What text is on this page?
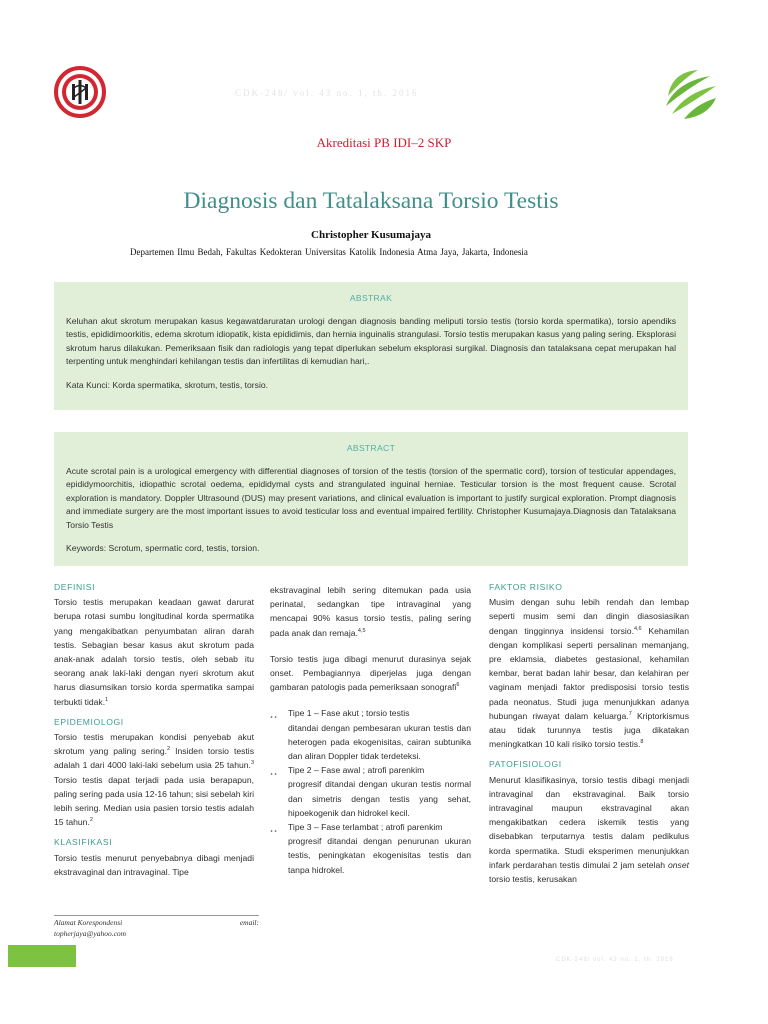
CDK-248/ vol. 43 no. 1, th. 2016
Akreditasi PB IDI–2 SKP
Diagnosis dan Tatalaksana Torsio Testis
Christopher Kusumajaya
Departemen Ilmu Bedah, Fakultas Kedokteran Universitas Katolik Indonesia Atma Jaya, Jakarta, Indonesia
ABSTRAK

Keluhan akut skrotum merupakan kasus kegawatdaruratan urologi dengan diagnosis banding meliputi torsio testis (torsio korda spermatika), torsio apendiks testis, epididimoorkitis, edema skrotum idiopatik, kista epididimis, dan hernia inguinalis strangulasi. Torsio testis merupakan kasus yang paling sering. Eksplorasi skrotum harus dilakukan. Pemeriksaan fisik dan radiologis yang tepat diperlukan sebelum eksplorasi surgikal. Diagnosis dan tatalaksana cepat merupakan hal terpenting untuk menghindari kehilangan testis dan infertilitas di kemudian hari,.

Kata Kunci: Korda spermatika, skrotum, testis, torsio.

ABSTRACT

Acute scrotal pain is a urological emergency with differential diagnoses of torsion of the testis (torsion of the spermatic cord), torsion of testicular appendages, epididymoorchitis, idiopathic scrotal oedema, epididymal cysts and strangulated inguinal herniae. Testicular torsion is the most frequent cause. Scrotal exploration is mandatory. Doppler Ultrasound (DUS) may present variations, and clinical evaluation is important to justify surgical exploration. Prompt diagnosis and immediate surgery are the most important issues to avoid testicular loss and eventual impaired fertility. Christopher Kusumajaya.Diagnosis dan Tatalaksana Torsio Testis

Keywords: Scrotum, spermatic cord, testis, torsion.

DEFINISI

Torsio testis merupakan keadaan gawat darurat berupa rotasi sumbu longitudinal korda spermatika yang mengakibatkan penyumbatan aliran darah testis. Sebagian besar kasus akut skrotum pada anak-anak adalah torsio testis, oleh sebab itu seorang anak laki-laki dengan nyeri skrotum akut harus diasumsikan torsio korda spermatika sampai terbukti tidak.$^1$

EPIDEMIOLOGI

Torsio testis merupakan kondisi penyebab akut skrotum yang paling sering.$^2$ Insiden torsio testis adalah 1 dari 4000 laki-laki sebelum usia 25 tahun.$^3$ Torsio testis dapat terjadi pada usia berapapun, paling sering pada usia 12-16 tahun; sisi sebelah kiri lebih sering. Median usia pasien torsio testis adalah 15 tahun.$^2$

KLASIFIKASI

Torsio testis menurut penyebabnya dibagi menjadi ekstravaginal dan intravaginal. Tipe

ekstravaginal lebih sering ditemukan pada usia perinatal, sedangkan tipe intravaginal yang mencapai 90% kasus torsio testis, paling sering pada anak dan remaja.$^{4,5}$

Torsio testis juga dibagi menurut durasinya sejak onset. Pembagiannya diperjelas juga dengan gambaran patologis pada pemeriksaan sonografi$^6$

¸¸ Tipe 1 – Fase akut ; torsio testis
ditandai dengan pembesaran ukuran testis dan heterogen pada ekogenisitas, cairan subtunika dan aliran Doppler tidak terdeteksi.
¸¸ Tipe 2 – Fase awal ; atrofi parenkim
progresif ditandai dengan ukuran testis normal dan simetris dengan testis yang sehat, hipoekogenik dan hidrokel kecil.
¸¸ Tipe 3 – Fase terlambat ; atrofi parenkim
progresif ditandai dengan penurunan ukuran testis, peningkatan ekogenisitas testis dan tanpa hidrokel.
FAKTOR RISIKO

Musim dengan suhu lebih rendah dan lembap seperti musim semi dan dingin diasosiasikan dengan tingginnya insidensi torsio.$^{4,6}$ Kehamilan dengan komplikasi seperti persalinan memanjang, pre eklamsia, diabetes gestasional, kehamilan kembar, berat badan lahir besar, dan kelahiran per vaginam menjadi faktor predisposisi torsio testis pada neonatus. Studi juga menunjukkan adanya hubungan riwayat dalam keluarga.$^7$ Kriptorkismus atau tidak turunnya testis juga dikatakan meningkatkan 10 kali risiko torsio testis.$^8$

PATOFISIOLOGI

Menurut klasifikasinya, torsio testis dibagi menjadi intravaginal dan ekstravaginal. Baik torsio intravaginal maupun ekstravaginal akan mengakibatkan cedera iskemik testis yang disebabkan terputarnya testis dalam pedikulus korda spermatika. Studi eksperimen menunjukkan infark perdarahan testis dimulai 2 jam setelah onset torsio testis, kerusakan

Alamat Korespondensi	email:
topherjaya@yahoo.com
CDK-248/ vol. 43 no. 1, th. 2016
